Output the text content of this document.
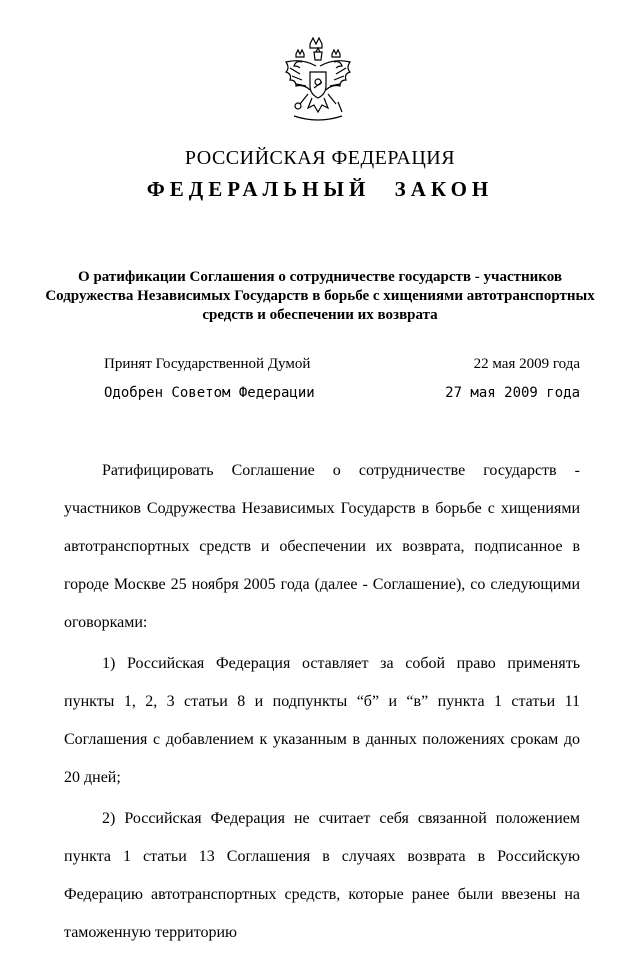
РОССИЙСКАЯ ФЕДЕРАЦИЯ
ФЕДЕРАЛЬНЫЙ ЗАКОН
О ратификации Соглашения о сотрудничестве государств - участников Содружества Независимых Государств в борьбе с хищениями автотранспортных средств и обеспечении их возврата
Принят Государственной Думой	22 мая 2009 года
Одобрен Советом Федерации	27 мая 2009 года

Ратифицировать Соглашение о сотрудничестве государств - участников Содружества Независимых Государств в борьбе с хищениями автотранспортных средств и обеспечении их возврата, подписанное в городе Москве 25 ноября 2005 года (далее - Соглашение), со следующими оговорками:

1) Российская Федерация оставляет за собой право применять пункты 1, 2, 3 статьи 8 и подпункты “б” и “в” пункта 1 статьи 11 Соглашения с добавлением к указанным в данных положениях срокам до 20 дней;

2) Российская Федерация не считает себя связанной положением пункта 1 статьи 13 Соглашения в случаях возврата в Российскую Федерацию автотранспортных средств, которые ранее были ввезены на таможенную территорию
